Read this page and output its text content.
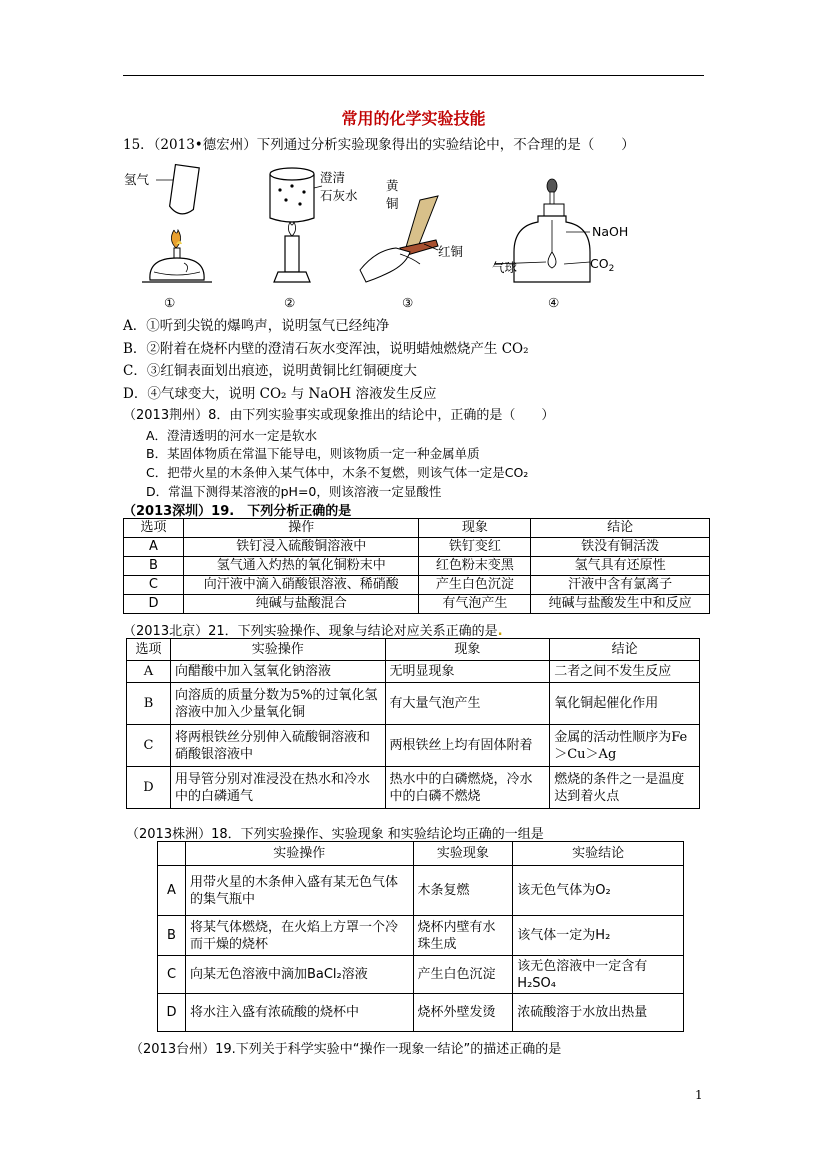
常用的化学实验技能
15．（2013•德宏州）下列通过分析实验现象得出的实验结论中，不合理的是（　　）
氢气
①
澄清
石灰水
②
黄
铜
红铜
③
NaOH
气球	$CO_2$
④
A．①听到尖锐的爆鸣声，说明氢气已经纯净
B．②附着在烧杯内壁的澄清石灰水变浑浊，说明蜡烛燃烧产生 CO₂
C．③红铜表面划出痕迹，说明黄铜比红铜硬度大
D．④气球变大，说明 CO₂ 与 NaOH 溶液发生反应
（2013荆州）8．由下列实验事实或现象推出的结论中，正确的是（　　）
A．澄清透明的河水一定是软水
B．某固体物质在常温下能导电，则该物质一定一种金属单质
C．把带火星的木条伸入某气体中，木条不复燃，则该气体一定是CO₂
D．常温下测得某溶液的pH=0，则该溶液一定显酸性
（2013深圳）19.　下列分析正确的是
选项	操作	现象	结论
A	铁钉浸入硫酸铜溶液中	铁钉变红	铁没有铜活泼
B	氢气通入灼热的氧化铜粉末中	红色粉末变黑	氢气具有还原性
C	向汗液中滴入硝酸银溶液、稀硝酸	产生白色沉淀	汗液中含有氯离子
D	纯碱与盐酸混合	有气泡产生	纯碱与盐酸发生中和反应
（2013北京）21．下列实验操作、现象与结论对应关系正确的是.
选项	实验操作	现象	结论
A	向醋酸中加入氢氧化钠溶液	无明显现象	二者之间不发生反应
B	向溶质的质量分数为5%的过氧化氢溶液中加入少量氧化铜	有大量气泡产生	氧化铜起催化作用
C	将两根铁丝分别伸入硫酸铜溶液和硝酸银溶液中	两根铁丝上均有固体附着	金属的活动性顺序为Fe＞Cu＞Ag
D	用导管分别对准浸没在热水和冷水中的白磷通气	热水中的白磷燃烧，冷水中的白磷不燃烧	燃烧的条件之一是温度达到着火点
（2013株洲）18．下列实验操作、实验现象 和实验结论均正确的一组是
	实验操作	实验现象	实验结论
A	用带火星的木条伸入盛有某无色气体的集气瓶中	木条复燃	该无色气体为O₂
B	将某气体燃烧，在火焰上方罩一个冷而干燥的烧杯	烧杯内壁有水珠生成	该气体一定为H₂
C	向某无色溶液中滴加BaCl₂溶液	产生白色沉淀	该无色溶液中一定含有H₂SO₄
D	将水注入盛有浓硫酸的烧杯中	烧杯外壁发烫	浓硫酸溶于水放出热量
（2013台州）19.下列关于科学实验中“操作一现象一结论”的描述正确的是
1
